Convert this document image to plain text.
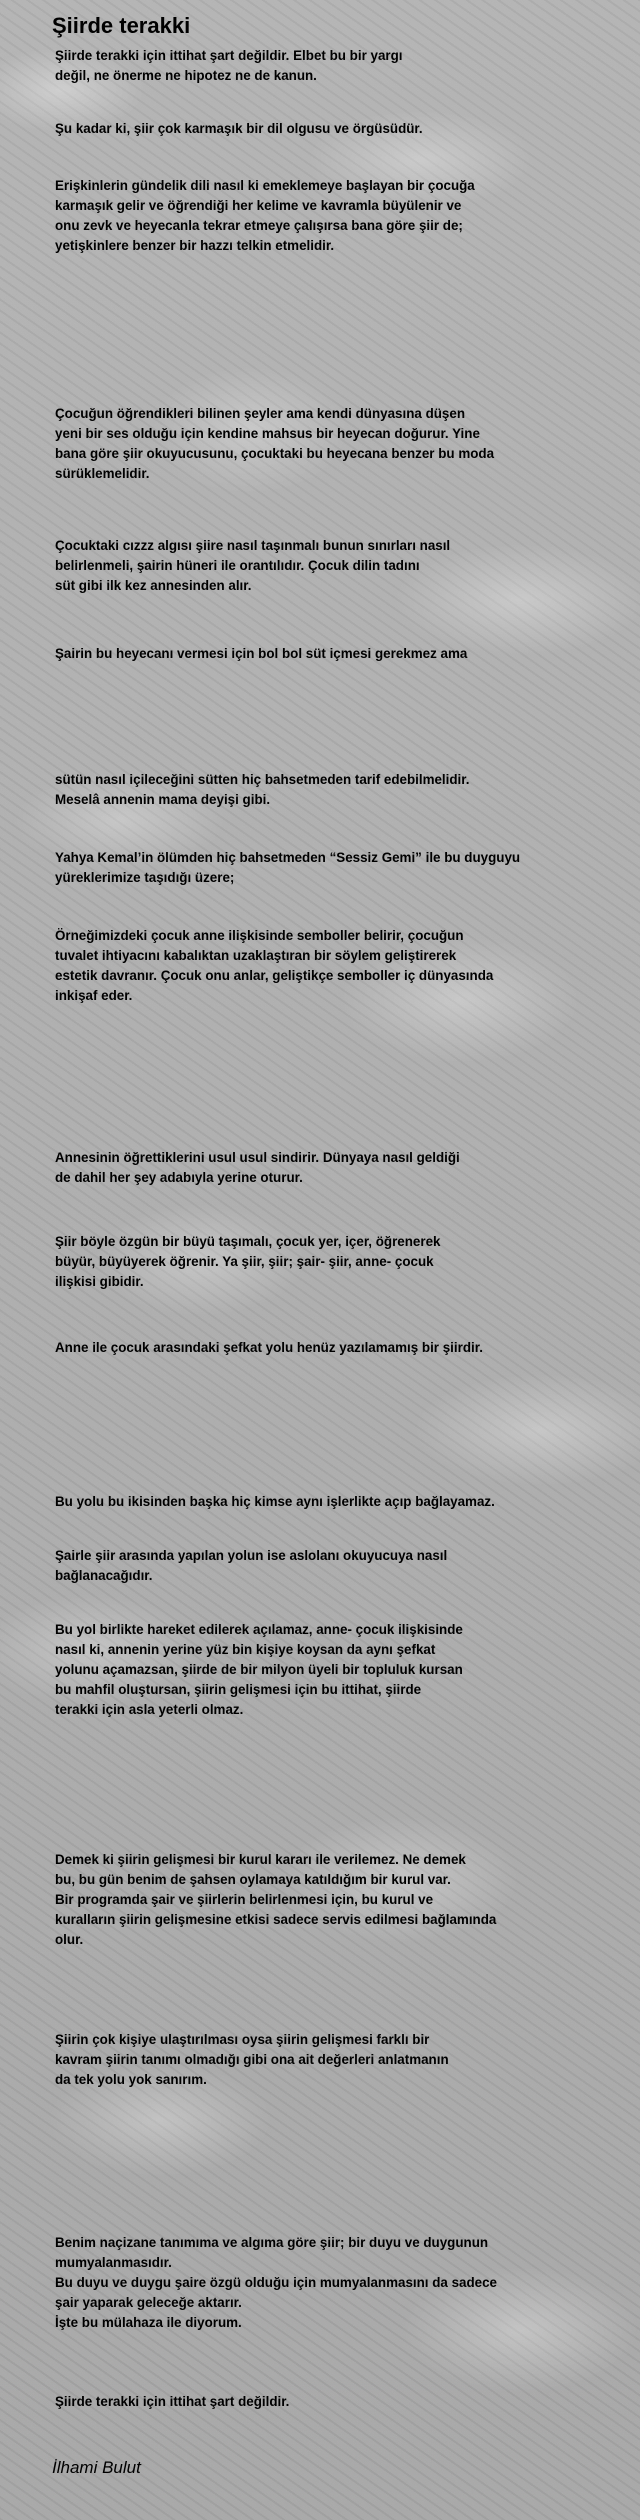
Şiirde terakki

Şiirde terakki için ittihat şart değildir. Elbet bu bir yargı
değil, ne önerme ne hipotez ne de kanun.

Şu kadar ki, şiir çok karmaşık bir dil olgusu ve örgüsüdür.

Erişkinlerin gündelik dili nasıl ki emeklemeye başlayan bir çocuğa
karmaşık gelir ve öğrendiği her kelime ve kavramla büyülenir ve
onu zevk ve heyecanla tekrar etmeye çalışırsa bana göre şiir de;
yetişkinlere benzer bir hazzı telkin etmelidir.

Çocuğun öğrendikleri bilinen şeyler ama kendi dünyasına düşen
yeni bir ses olduğu için kendine mahsus bir heyecan doğurur. Yine
bana göre şiir okuyucusunu, çocuktaki bu heyecana benzer bu moda
sürüklemelidir.

Çocuktaki cızzz algısı şiire nasıl taşınmalı bunun sınırları nasıl
belirlenmeli, şairin hüneri ile orantılıdır. Çocuk dilin tadını
süt gibi ilk kez annesinden alır.

Şairin bu heyecanı vermesi için bol bol süt içmesi gerekmez ama

sütün nasıl içileceğini sütten hiç bahsetmeden tarif edebilmelidir.
Meselâ annenin mama deyişi gibi.

Yahya Kemal’in ölümden hiç bahsetmeden “Sessiz Gemi” ile bu duyguyu
yüreklerimize taşıdığı üzere;

Örneğimizdeki çocuk anne ilişkisinde semboller belirir, çocuğun
tuvalet ihtiyacını kabalıktan uzaklaştıran bir söylem geliştirerek
estetik davranır. Çocuk onu anlar, geliştikçe semboller iç dünyasında
inkişaf eder.

Annesinin öğrettiklerini usul usul sindirir. Dünyaya nasıl geldiği
de dahil her şey adabıyla yerine oturur.

Şiir böyle özgün bir büyü taşımalı, çocuk yer, içer, öğrenerek
büyür, büyüyerek öğrenir. Ya şiir, şiir; şair- şiir, anne- çocuk
ilişkisi gibidir.

Anne ile çocuk arasındaki şefkat yolu henüz yazılamamış bir şiirdir.

Bu yolu bu ikisinden başka hiç kimse aynı işlerlikte açıp bağlayamaz.

Şairle şiir arasında yapılan yolun ise aslolanı okuyucuya nasıl
bağlanacağıdır.

Bu yol birlikte hareket edilerek açılamaz, anne- çocuk ilişkisinde
nasıl ki, annenin yerine yüz bin kişiye koysan da aynı şefkat
yolunu açamazsan, şiirde de bir milyon üyeli bir topluluk kursan
bu mahfil oluştursan, şiirin gelişmesi için bu ittihat, şiirde
terakki için asla yeterli olmaz.

Demek ki şiirin gelişmesi bir kurul kararı ile verilemez. Ne demek
bu, bu gün benim de şahsen oylamaya katıldığım bir kurul var.
Bir programda şair ve şiirlerin belirlenmesi için, bu kurul ve
kuralların şiirin gelişmesine etkisi sadece servis edilmesi bağlamında
olur.

Şiirin çok kişiye ulaştırılması oysa şiirin gelişmesi farklı bir
kavram şiirin tanımı olmadığı gibi ona ait değerleri anlatmanın
da tek yolu yok sanırım.

Benim naçizane tanımıma ve algıma göre şiir; bir duyu ve duygunun
mumyalanmasıdır.
Bu duyu ve duygu şaire özgü olduğu için mumyalanmasını da sadece
şair yaparak geleceğe aktarır.
İşte bu mülahaza ile diyorum.

Şiirde terakki için ittihat şart değildir.

İlhami Bulut
